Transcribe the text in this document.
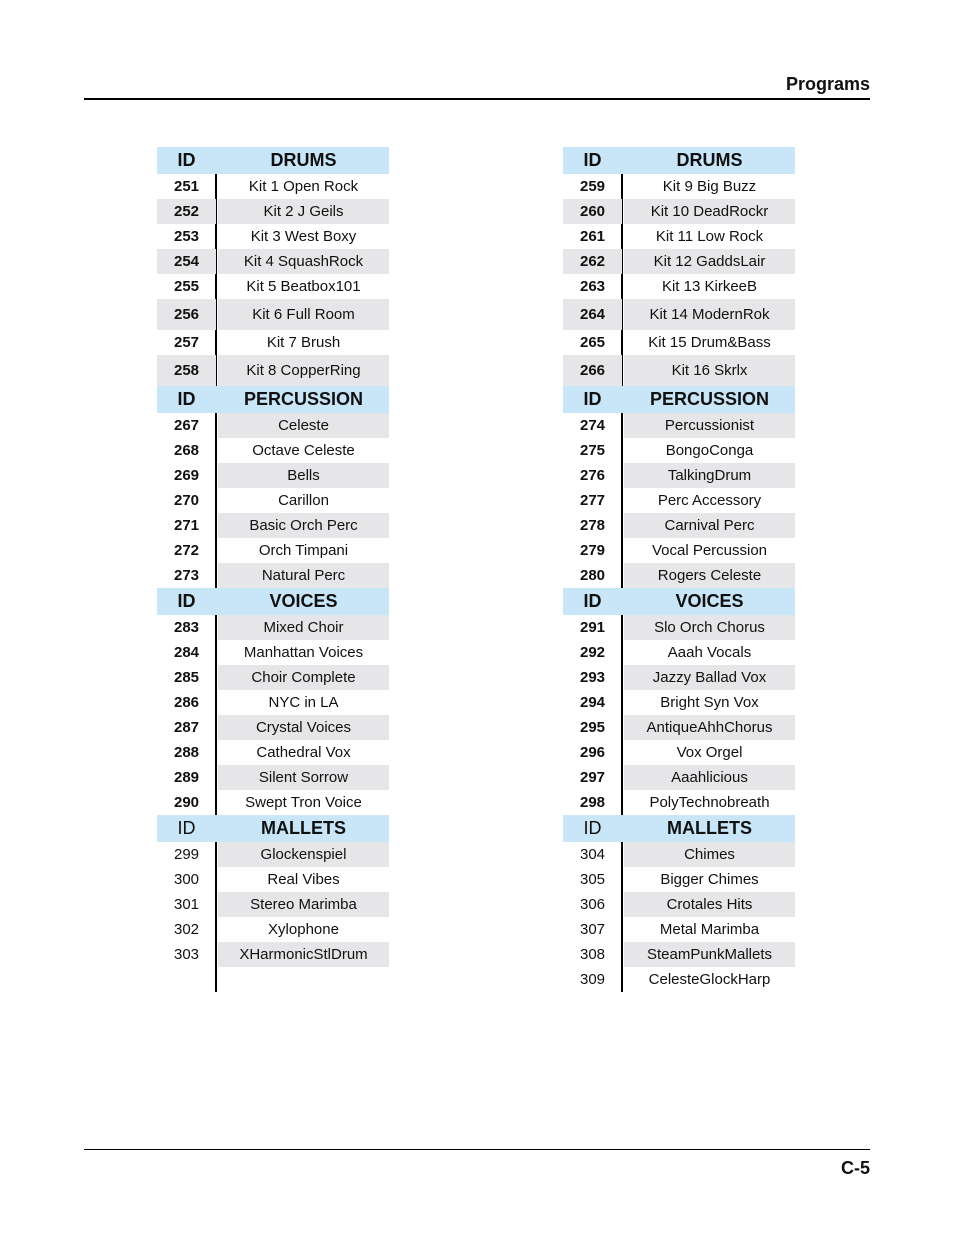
Programs
ID	DRUMS
251	Kit 1 Open Rock
252	Kit 2 J Geils
253	Kit 3 West Boxy
254	Kit 4 SquashRock
255	Kit 5 Beatbox101
256	Kit 6 Full Room
257	Kit 7 Brush
258	Kit 8 CopperRing
ID	PERCUSSION
267	Celeste
268	Octave Celeste
269	Bells
270	Carillon
271	Basic Orch Perc
272	Orch Timpani
273	Natural Perc
ID	VOICES
283	Mixed Choir
284	Manhattan Voices
285	Choir Complete
286	NYC in LA
287	Crystal Voices
288	Cathedral Vox
289	Silent Sorrow
290	Swept Tron Voice
ID	MALLETS
299	Glockenspiel
300	Real Vibes
301	Stereo Marimba
302	Xylophone
303	XHarmonicStlDrum
ID	DRUMS
259	Kit 9 Big Buzz
260	Kit 10 DeadRockr
261	Kit 11 Low Rock
262	Kit 12 GaddsLair
263	Kit 13 KirkeeB
264	Kit 14 ModernRok
265	Kit 15 Drum&Bass
266	Kit 16 Skrlx
ID	PERCUSSION
274	Percussionist
275	BongoConga
276	TalkingDrum
277	Perc Accessory
278	Carnival Perc
279	Vocal Percussion
280	Rogers Celeste
ID	VOICES
291	Slo Orch Chorus
292	Aaah Vocals
293	Jazzy Ballad Vox
294	Bright Syn Vox
295	AntiqueAhhChorus
296	Vox Orgel
297	Aaahlicious
298	PolyTechnobreath
ID	MALLETS
304	Chimes
305	Bigger Chimes
306	Crotales Hits
307	Metal Marimba
308	SteamPunkMallets
309	CelesteGlockHarp
C-5
